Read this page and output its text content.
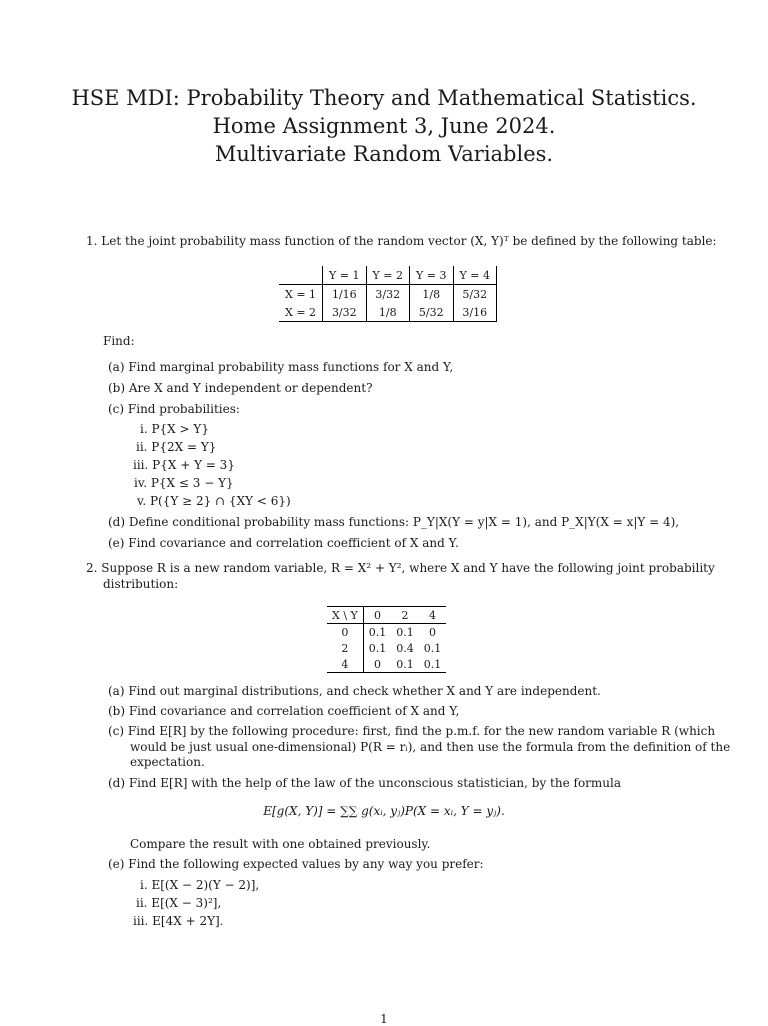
HSE MDI: Probability Theory and Mathematical Statistics.
Home Assignment 3, June 2024.
Multivariate Random Variables.
1. Let the joint probability mass function of the random vector (X, Y)ᵀ be defined by the following table:
	Y = 1	Y = 2	Y = 3	Y = 4
X = 1	1/16	3/32	1/8	5/32
X = 2	3/32	1/8	5/32	3/16
Find:
(a) Find marginal probability mass functions for X and Y,
(b) Are X and Y independent or dependent?
(c) Find probabilities:
i. P{X > Y}
ii. P{2X = Y}
iii. P{X + Y = 3}
iv. P{X ≤ 3 − Y}
v. P({Y ≥ 2} ∩ {XY < 6})
(d) Define conditional probability mass functions: P_Y|X(Y = y|X = 1), and P_X|Y(X = x|Y = 4),
(e) Find covariance and correlation coefficient of X and Y.
2. Suppose R is a new random variable, R = X² + Y², where X and Y have the following joint probability
distribution:
X \ Y	0	2	4
0	0.1	0.1	0
2	0.1	0.4	0.1
4	0	0.1	0.1
(a) Find out marginal distributions, and check whether X and Y are independent.
(b) Find covariance and correlation coefficient of X and Y,
(c) Find E[R] by the following procedure: first, find the p.m.f. for the new random variable R (which
would be just usual one-dimensional) P(R = rᵢ), and then use the formula from the definition of the
expectation.
(d) Find E[R] with the help of the law of the unconscious statistician, by the formula
E[g(X, Y)] = ∑∑ g(xᵢ, yⱼ)P(X = xᵢ, Y = yⱼ).
Compare the result with one obtained previously.
(e) Find the following expected values by any way you prefer:
i. E[(X − 2)(Y − 2)],
ii. E[(X − 3)²],
iii. E[4X + 2Y].
1
